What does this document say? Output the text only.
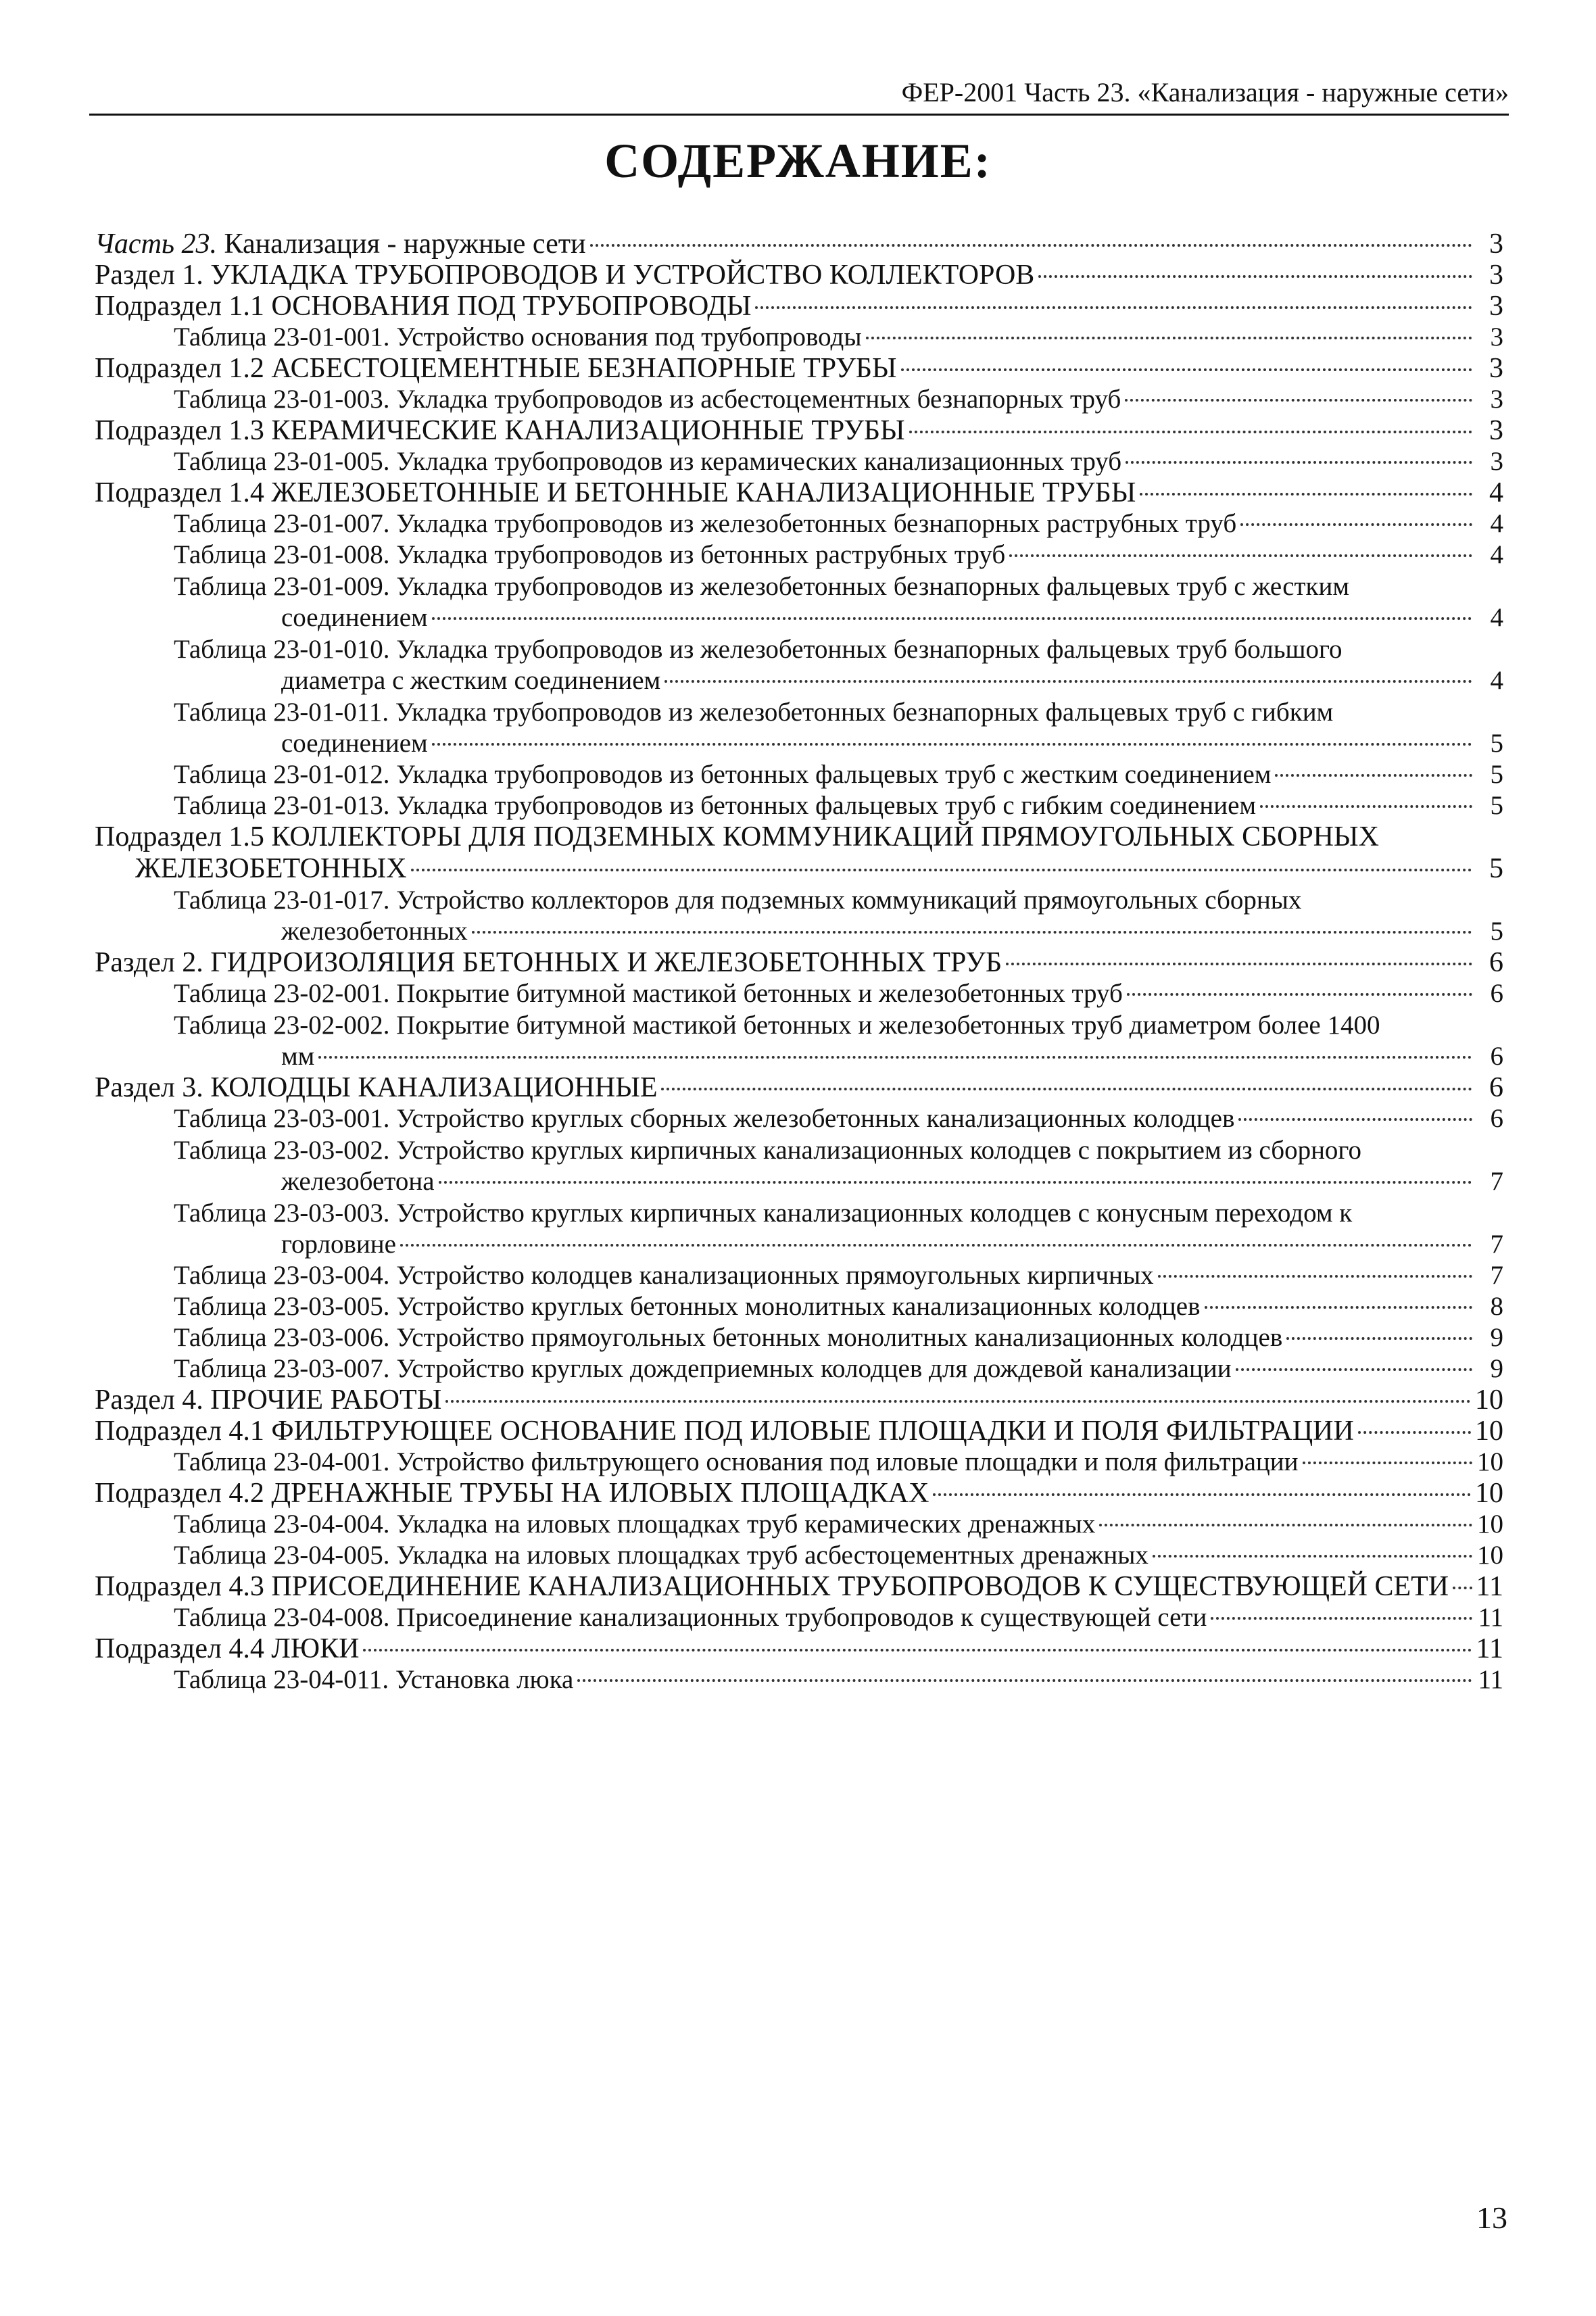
ФЕР-2001 Часть 23. «Канализация - наружные сети»
СОДЕРЖАНИЕ:
Часть 23. Канализация - наружные сети	3
Раздел 1. УКЛАДКА ТРУБОПРОВОДОВ И УСТРОЙСТВО КОЛЛЕКТОРОВ	3
Подраздел 1.1 ОСНОВАНИЯ ПОД ТРУБОПРОВОДЫ	3
Таблица 23-01-001. Устройство основания под трубопроводы	3
Подраздел 1.2 АСБЕСТОЦЕМЕНТНЫЕ БЕЗНАПОРНЫЕ ТРУБЫ	3
Таблица 23-01-003. Укладка трубопроводов из асбестоцементных безнапорных труб	3
Подраздел 1.3 КЕРАМИЧЕСКИЕ КАНАЛИЗАЦИОННЫЕ ТРУБЫ	3
Таблица 23-01-005. Укладка трубопроводов из керамических канализационных труб	3
Подраздел 1.4 ЖЕЛЕЗОБЕТОННЫЕ И БЕТОННЫЕ КАНАЛИЗАЦИОННЫЕ ТРУБЫ	4
Таблица 23-01-007. Укладка трубопроводов из железобетонных безнапорных раструбных труб	4
Таблица 23-01-008. Укладка трубопроводов из бетонных раструбных труб	4
Таблица 23-01-009. Укладка трубопроводов из железобетонных безнапорных фальцевых труб с жестким
соединением	4
Таблица 23-01-010. Укладка трубопроводов из железобетонных безнапорных фальцевых труб большого
диаметра с жестким соединением	4
Таблица 23-01-011. Укладка трубопроводов из железобетонных безнапорных фальцевых труб с гибким
соединением	5
Таблица 23-01-012. Укладка трубопроводов из бетонных фальцевых труб с жестким соединением	5
Таблица 23-01-013. Укладка трубопроводов из бетонных фальцевых труб с гибким соединением	5
Подраздел 1.5 КОЛЛЕКТОРЫ ДЛЯ ПОДЗЕМНЫХ КОММУНИКАЦИЙ ПРЯМОУГОЛЬНЫХ СБОРНЫХ
ЖЕЛЕЗОБЕТОННЫХ	5
Таблица 23-01-017. Устройство коллекторов для подземных коммуникаций прямоугольных сборных
железобетонных	5
Раздел 2. ГИДРОИЗОЛЯЦИЯ БЕТОННЫХ И ЖЕЛЕЗОБЕТОННЫХ ТРУБ	6
Таблица 23-02-001. Покрытие битумной мастикой бетонных и железобетонных труб	6
Таблица 23-02-002. Покрытие битумной мастикой бетонных и железобетонных труб диаметром более 1400
мм	6
Раздел 3. КОЛОДЦЫ КАНАЛИЗАЦИОННЫЕ	6
Таблица 23-03-001. Устройство круглых сборных железобетонных канализационных колодцев	6
Таблица 23-03-002. Устройство круглых кирпичных канализационных колодцев с покрытием из сборного
железобетона	7
Таблица 23-03-003. Устройство круглых кирпичных канализационных колодцев с конусным переходом к
горловине	7
Таблица 23-03-004. Устройство колодцев канализационных прямоугольных кирпичных	7
Таблица 23-03-005. Устройство круглых бетонных монолитных канализационных колодцев	8
Таблица 23-03-006. Устройство прямоугольных бетонных монолитных канализационных колодцев	9
Таблица 23-03-007. Устройство круглых дождеприемных колодцев для дождевой канализации	9
Раздел 4. ПРОЧИЕ РАБОТЫ	10
Подраздел 4.1 ФИЛЬТРУЮЩЕЕ ОСНОВАНИЕ ПОД ИЛОВЫЕ ПЛОЩАДКИ И ПОЛЯ ФИЛЬТРАЦИИ	10
Таблица 23-04-001. Устройство фильтрующего основания под иловые площадки и поля фильтрации	10
Подраздел 4.2 ДРЕНАЖНЫЕ ТРУБЫ НА ИЛОВЫХ ПЛОЩАДКАХ	10
Таблица 23-04-004. Укладка на иловых площадках труб керамических дренажных	10
Таблица 23-04-005. Укладка на иловых площадках труб асбестоцементных дренажных	10
Подраздел 4.3 ПРИСОЕДИНЕНИЕ КАНАЛИЗАЦИОННЫХ ТРУБОПРОВОДОВ К СУЩЕСТВУЮЩЕЙ СЕТИ 11
Таблица 23-04-008. Присоединение канализационных трубопроводов к существующей сети	11
Подраздел 4.4 ЛЮКИ	11
Таблица 23-04-011. Установка люка	11
13
